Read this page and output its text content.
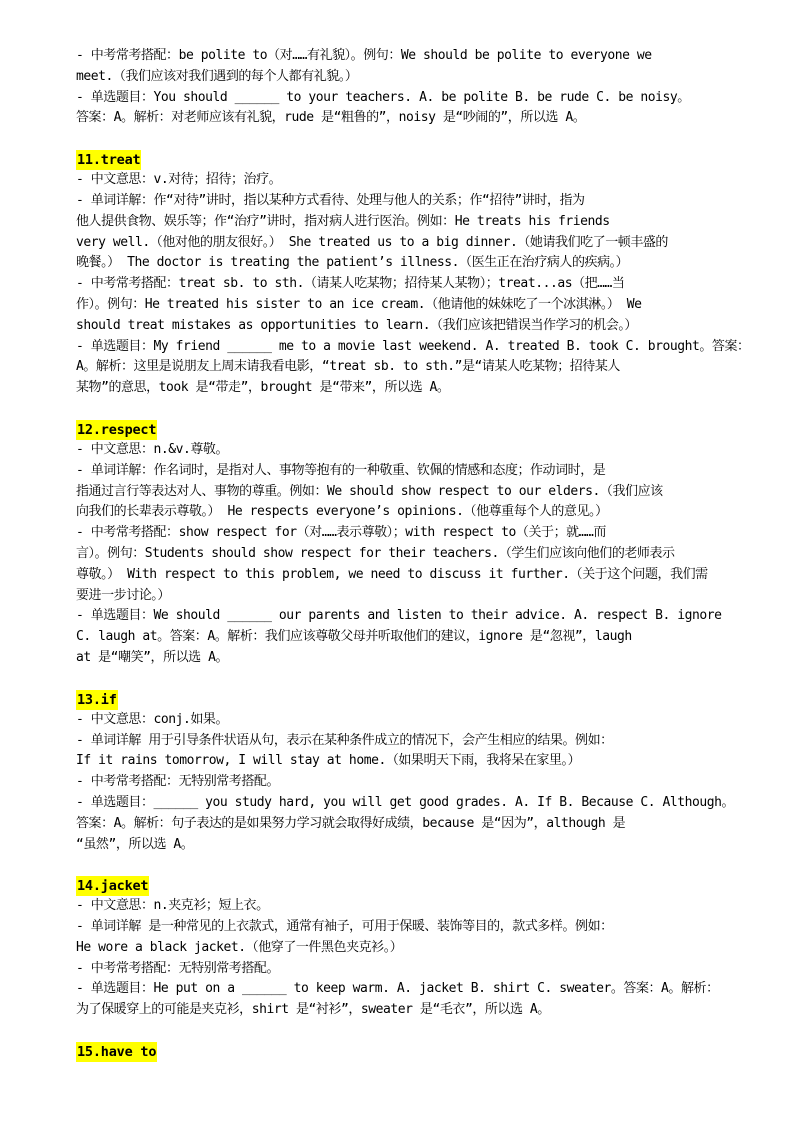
- 中考常考搭配：be polite to（对……有礼貌）。例句：We should be polite to everyone we
meet.（我们应该对我们遇到的每个人都有礼貌。）
- 单选题目：You should ______ to your teachers. A. be polite B. be rude C. be noisy。
答案：A。解析：对老师应该有礼貌，rude 是“粗鲁的”，noisy 是“吵闹的”，所以选 A。
11.treat
- 中文意思：v.对待；招待；治疗。
- 单词详解：作“对待”讲时，指以某种方式看待、处理与他人的关系；作“招待”讲时，指为
他人提供食物、娱乐等；作“治疗”讲时，指对病人进行医治。例如：He treats his friends
very well.（他对他的朋友很好。） She treated us to a big dinner.（她请我们吃了一顿丰盛的
晚餐。） The doctor is treating the patient’s illness.（医生正在治疗病人的疾病。）
- 中考常考搭配：treat sb. to sth.（请某人吃某物；招待某人某物）；treat...as（把……当
作）。例句：He treated his sister to an ice cream.（他请他的妹妹吃了一个冰淇淋。） We
should treat mistakes as opportunities to learn.（我们应该把错误当作学习的机会。）
- 单选题目：My friend ______ me to a movie last weekend. A. treated B. took C. brought。答案：
A。解析：这里是说朋友上周末请我看电影，“treat sb. to sth.”是“请某人吃某物；招待某人
某物”的意思，took 是“带走”，brought 是“带来”，所以选 A。
12.respect
- 中文意思：n.&v.尊敬。
- 单词详解：作名词时，是指对人、事物等抱有的一种敬重、钦佩的情感和态度；作动词时，是
指通过言行等表达对人、事物的尊重。例如：We should show respect to our elders.（我们应该
向我们的长辈表示尊敬。） He respects everyone’s opinions.（他尊重每个人的意见。）
- 中考常考搭配：show respect for（对……表示尊敬）；with respect to（关于；就……而
言）。例句：Students should show respect for their teachers.（学生们应该向他们的老师表示
尊敬。） With respect to this problem, we need to discuss it further.（关于这个问题，我们需
要进一步讨论。）
- 单选题目：We should ______ our parents and listen to their advice. A. respect B. ignore
C. laugh at。答案：A。解析：我们应该尊敬父母并听取他们的建议，ignore 是“忽视”，laugh
at 是“嘲笑”，所以选 A。
13.if
- 中文意思：conj.如果。
- 单词详解 用于引导条件状语从句，表示在某种条件成立的情况下，会产生相应的结果。例如：
If it rains tomorrow, I will stay at home.（如果明天下雨，我将呆在家里。）
- 中考常考搭配：无特别常考搭配。
- 单选题目：______ you study hard, you will get good grades. A. If B. Because C. Although。
答案：A。解析：句子表达的是如果努力学习就会取得好成绩，because 是“因为”，although 是
“虽然”，所以选 A。
14.jacket
- 中文意思：n.夹克衫；短上衣。
- 单词详解 是一种常见的上衣款式，通常有袖子，可用于保暖、装饰等目的，款式多样。例如：
He wore a black jacket.（他穿了一件黑色夹克衫。）
- 中考常考搭配：无特别常考搭配。
- 单选题目：He put on a ______ to keep warm. A. jacket B. shirt C. sweater。答案：A。解析：
为了保暖穿上的可能是夹克衫，shirt 是“衬衫”，sweater 是“毛衣”，所以选 A。
15.have to
